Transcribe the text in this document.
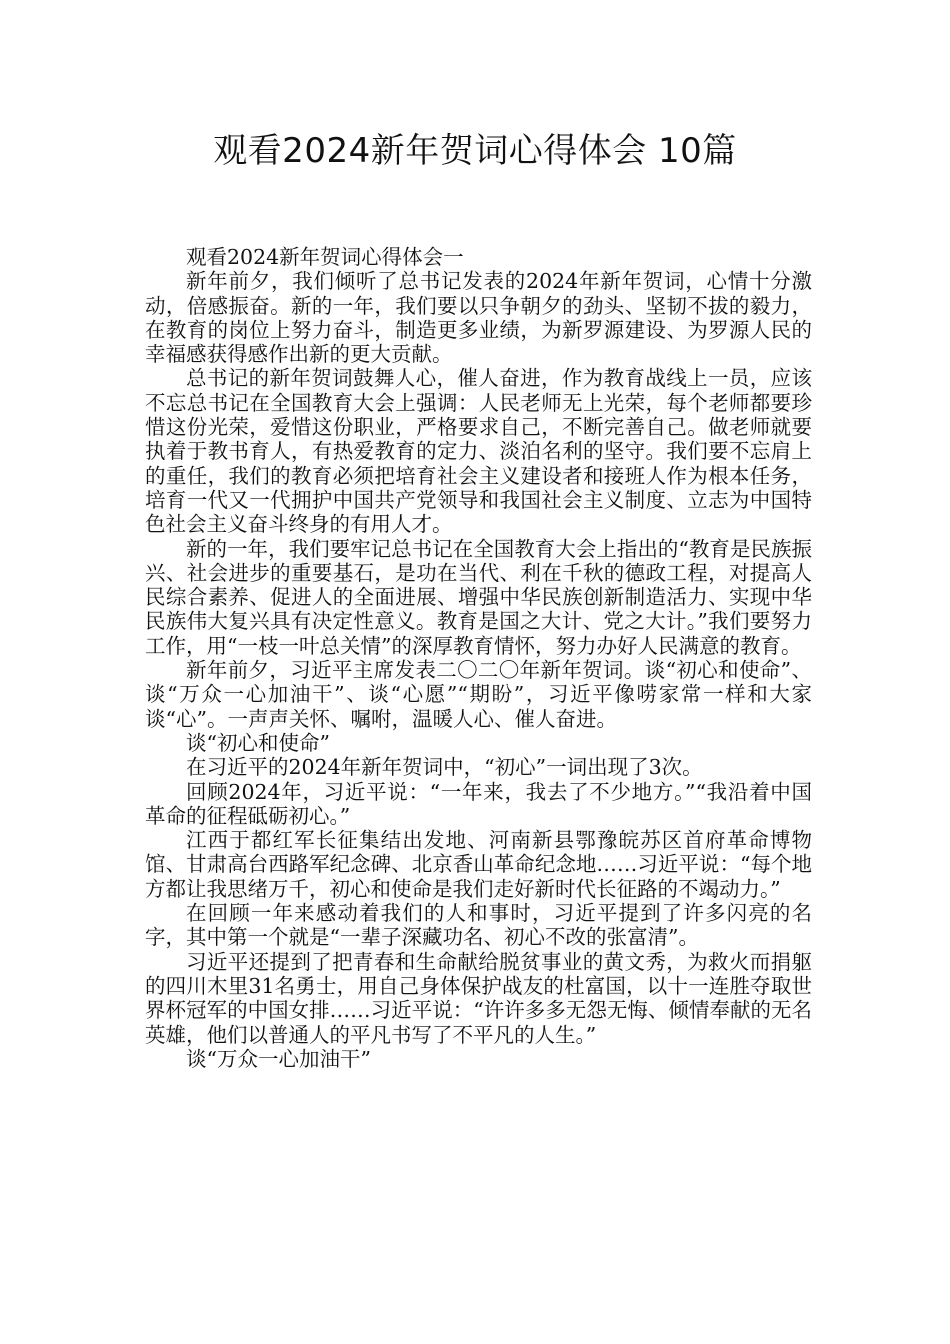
观看2024新年贺词心得体会 10篇

观看2024新年贺词心得体会一

新年前夕，我们倾听了总书记发表的2024年新年贺词，心情十分激动，倍感振奋。新的一年，我们要以只争朝夕的劲头、坚韧不拔的毅力，在教育的岗位上努力奋斗，制造更多业绩，为新罗源建设、为罗源人民的幸福感获得感作出新的更大贡献。

总书记的新年贺词鼓舞人心，催人奋进，作为教育战线上一员，应该不忘总书记在全国教育大会上强调：人民老师无上光荣，每个老师都要珍惜这份光荣，爱惜这份职业，严格要求自己，不断完善自己。做老师就要执着于教书育人，有热爱教育的定力、淡泊名利的坚守。我们要不忘肩上的重任，我们的教育必须把培育社会主义建设者和接班人作为根本任务，培育一代又一代拥护中国共产党领导和我国社会主义制度、立志为中国特色社会主义奋斗终身的有用人才。

新的一年，我们要牢记总书记在全国教育大会上指出的“教育是民族振兴、社会进步的重要基石，是功在当代、利在千秋的德政工程，对提高人民综合素养、促进人的全面进展、增强中华民族创新制造活力、实现中华民族伟大复兴具有决定性意义。教育是国之大计、党之大计。”我们要努力工作，用“一枝一叶总关情”的深厚教育情怀，努力办好人民满意的教育。

新年前夕，习近平主席发表二〇二〇年新年贺词。谈“初心和使命”、谈“万众一心加油干”、谈“心愿”“期盼”，习近平像唠家常一样和大家谈“心”。一声声关怀、嘱咐，温暖人心、催人奋进。

谈“初心和使命”

在习近平的2024年新年贺词中，“初心”一词出现了3次。

回顾2024年，习近平说：“一年来，我去了不少地方。”“我沿着中国革命的征程砥砺初心。”

江西于都红军长征集结出发地、河南新县鄂豫皖苏区首府革命博物馆、甘肃高台西路军纪念碑、北京香山革命纪念地……习近平说：“每个地方都让我思绪万千，初心和使命是我们走好新时代长征路的不竭动力。”

在回顾一年来感动着我们的人和事时，习近平提到了许多闪亮的名字，其中第一个就是“一辈子深藏功名、初心不改的张富清”。

习近平还提到了把青春和生命献给脱贫事业的黄文秀，为救火而捐躯的四川木里31名勇士，用自己身体保护战友的杜富国，以十一连胜夺取世界杯冠军的中国女排……习近平说：“许许多多无怨无悔、倾情奉献的无名英雄，他们以普通人的平凡书写了不平凡的人生。”

谈“万众一心加油干”
